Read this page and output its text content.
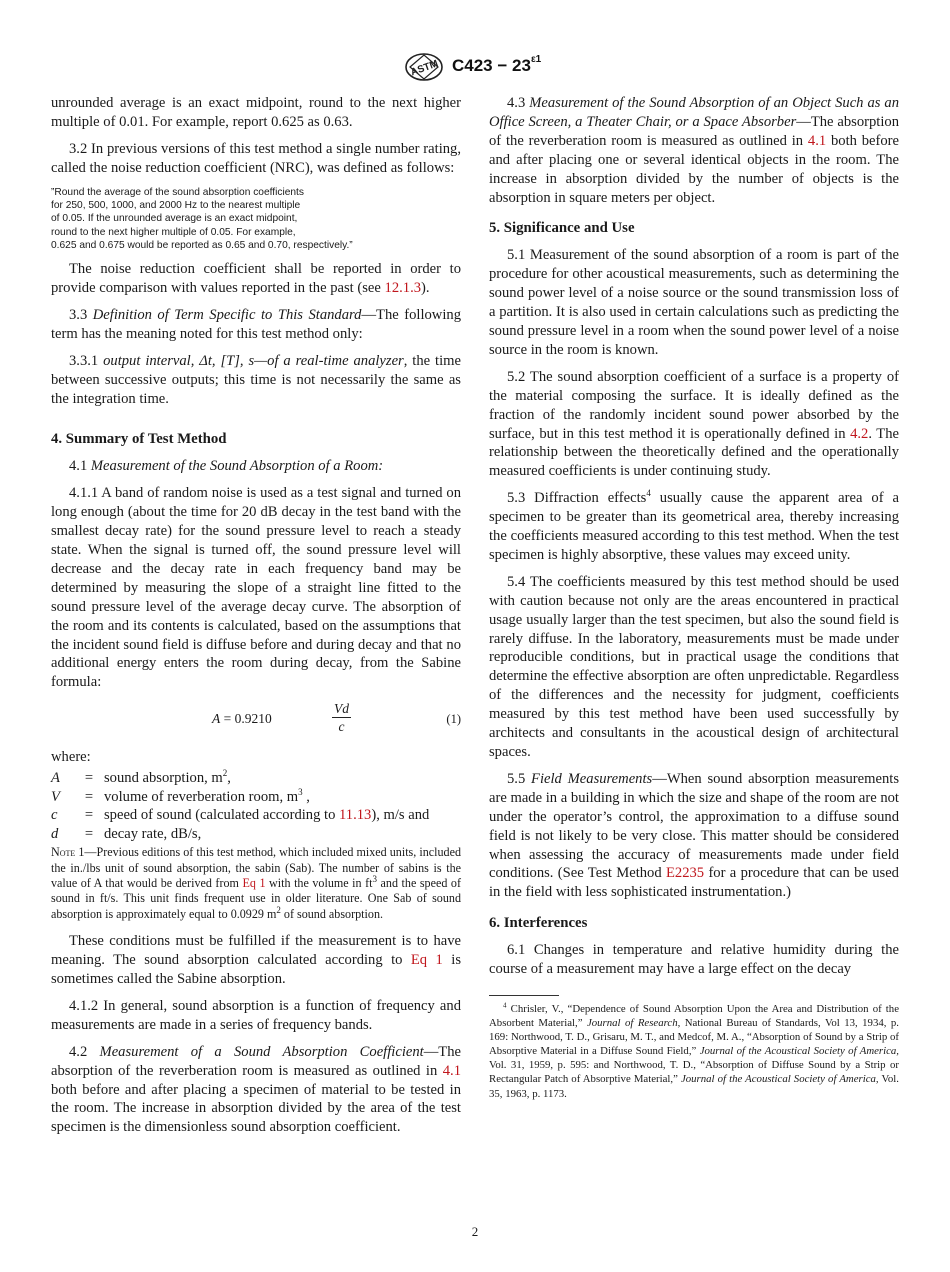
ASTM $C423 - 23^{\varepsilon 1}$

unrounded average is an exact midpoint, round to the next higher multiple of 0.01. For example, report 0.625 as 0.63.

3.2 In previous versions of this test method a single number rating, called the noise reduction coefficient (NRC), was defined as follows:

”Round the average of the sound absorption coefficients
for 250, 500, 1000, and 2000 Hz to the nearest multiple
of 0.05. If the unrounded average is an exact midpoint,
round to the next higher multiple of 0.05. For example,
0.625 and 0.675 would be reported as 0.65 and 0.70, respectively.”

The noise reduction coefficient shall be reported in order to provide comparison with values reported in the past (see 12.1.3).

3.3 Definition of Term Specific to This Standard—The following term has the meaning noted for this test method only:

3.3.1 output interval, Δt, [T], s—of a real-time analyzer, the time between successive outputs; this time is not necessarily the same as the integration time.

4. Summary of Test Method

4.1 Measurement of the Sound Absorption of a Room:

4.1.1 A band of random noise is used as a test signal and turned on long enough (about the time for 20 dB decay in the test band with the smallest decay rate) for the sound pressure level to reach a steady state. When the signal is turned off, the sound pressure level will decrease and the decay rate in each frequency band may be determined by measuring the slope of a straight line fitted to the sound pressure level of the average decay curve. The absorption of the room and its contents is calculated, based on the assumptions that the incident sound field is diffuse before and during decay and that no additional energy enters the room during decay, from the Sabine formula:

A = 0.9210	$\frac{Vd}{c}$	(1)
where:
A	= sound absorption, $m^2$,
V	= volume of reverberation room, $m^3$ ,
c	= speed of sound (calculated according to 11.13), m/s and
d	= decay rate, dB/s,
Note 1—Previous editions of this test method, which included mixed units, included the in./lbs unit of sound absorption, the sabin (Sab). The number of sabins is the value of A that would be derived from Eq 1 with the volume in $ft^3$ and the speed of sound in ft/s. This unit finds frequent use in older literature. One Sab of sound absorption is approximately equal to 0.0929 $m^2$ of sound absorption.

These conditions must be fulfilled if the measurement is to have meaning. The sound absorption calculated according to Eq 1 is sometimes called the Sabine absorption.

4.1.2 In general, sound absorption is a function of frequency and measurements are made in a series of frequency bands.

4.2 Measurement of a Sound Absorption Coefficient—The absorption of the reverberation room is measured as outlined in 4.1 both before and after placing a specimen of material to be tested in the room. The increase in absorption divided by the area of the test specimen is the dimensionless sound absorption coefficient.

4.3 Measurement of the Sound Absorption of an Object Such as an Office Screen, a Theater Chair, or a Space Absorber—The absorption of the reverberation room is measured as outlined in 4.1 both before and after placing one or several identical objects in the room. The increase in absorption divided by the number of objects is the absorption in square meters per object.

5. Significance and Use

5.1 Measurement of the sound absorption of a room is part of the procedure for other acoustical measurements, such as determining the sound power level of a noise source or the sound transmission loss of a partition. It is also used in certain calculations such as predicting the sound pressure level in a room when the sound power level of a noise source in the room is known.

5.2 The sound absorption coefficient of a surface is a property of the material composing the surface. It is ideally defined as the fraction of the randomly incident sound power absorbed by the surface, but in this test method it is operationally defined in 4.2. The relationship between the theoretically defined and the operationally measured coefficients is under continuing study.

5.3 Diffraction effects$^4$ usually cause the apparent area of a specimen to be greater than its geometrical area, thereby increasing the coefficients measured according to this test method. When the test specimen is highly absorptive, these values may exceed unity.

5.4 The coefficients measured by this test method should be used with caution because not only are the areas encountered in practical usage usually larger than the test specimen, but also the sound field is rarely diffuse. In the laboratory, measurements must be made under reproducible conditions, but in practical usage the conditions that determine the effective absorption are often unpredictable. Regardless of the differences and the necessity for judgment, coefficients measured by this test method have been used successfully by architects and consultants in the acoustical design of architectural spaces.

5.5 Field Measurements—When sound absorption measurements are made in a building in which the size and shape of the room are not under the operator’s control, the approximation to a diffuse sound field is not likely to be very close. This matter should be considered when assessing the accuracy of measurements made under field conditions. (See Test Method E2235 for a procedure that can be used in the field with less sophisticated instrumentation.)

6. Interferences

6.1 Changes in temperature and relative humidity during the course of a measurement may have a large effect on the decay

$^4$ Chrisler, V., “Dependence of Sound Absorption Upon the Area and Distribution of the Absorbent Material,” Journal of Research, National Bureau of Standards, Vol 13, 1934, p. 169: Northwood, T. D., Grisaru, M. T., and Medcof, M. A., “Absorption of Sound by a Strip of Absorptive Material in a Diffuse Sound Field,” Journal of the Acoustical Society of America, Vol. 31, 1959, p. 595: and Northwood, T. D., “Absorption of Diffuse Sound by a Strip or Rectangular Patch of Absorptive Material,” Journal of the Acoustical Society of America, Vol. 35, 1963, p. 1173.
2
